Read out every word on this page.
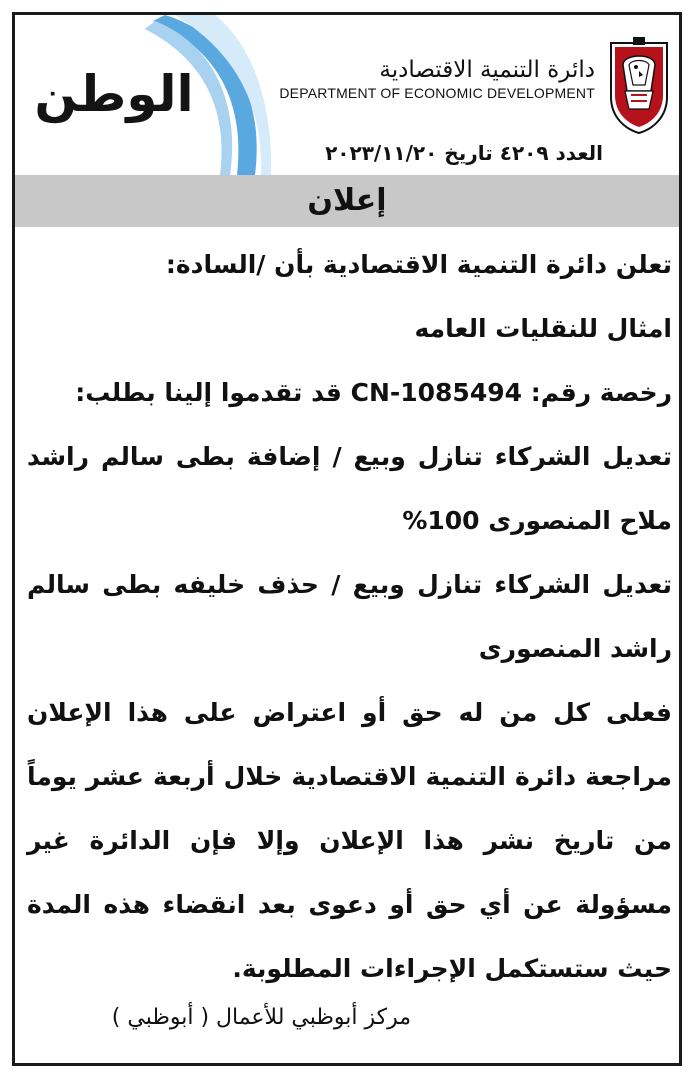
الوطن	دائرة التنمية الاقتصادية
DEPARTMENT OF ECONOMIC DEVELOPMENT
العدد ٤٢٠٩ تاريخ ٢٠٢٣/١١/٢٠
إعلان

تعلن دائرة التنمية الاقتصادية بأن /السادة:

امثال للنقليات العامه

رخصة رقم: CN-1085494 قد تقدموا إلينا بطلب:

تعديل الشركاء تنازل وبيع / إضافة بطى سالم راشد ملاح المنصورى 100%

تعديل الشركاء تنازل وبيع / حذف خليفه بطى سالم راشد المنصورى

فعلى كل من له حق أو اعتراض على هذا الإعلان مراجعة دائرة التنمية الاقتصادية خلال أربعة عشر يوماً من تاريخ نشر هذا الإعلان وإلا فإن الدائرة غير مسؤولة عن أي حق أو دعوى بعد انقضاء هذه المدة حيث ستستكمل الإجراءات المطلوبة.

مركز أبوظبي للأعمال ( أبوظبي )
